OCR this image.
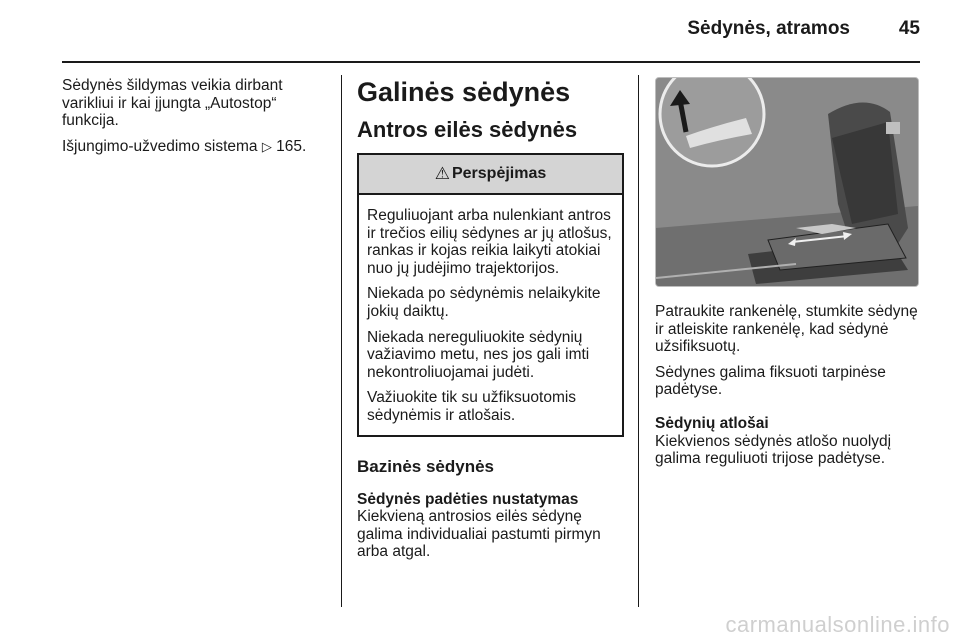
Sėdynės, atramos	45

Sėdynės šildymas veikia dirbant varikliui ir kai įjungta „Autostop“ funkcija.

Išjungimo-užvedimo sistema ▷ 165.

Galinės sėdynės
Antros eilės sėdynės
⚠ Perspėjimas

Reguliuojant arba nulenkiant antros ir trečios eilių sėdynes ar jų atlošus, rankas ir kojas reikia laikyti atokiai nuo jų judėjimo trajektorijos.

Niekada po sėdynėmis nelaikykite jokių daiktų.

Niekada nereguliuokite sėdynių važiavimo metu, nes jos gali imti nekontroliuojamai judėti.

Važiuokite tik su užfiksuotomis sėdynėmis ir atlošais.

Bazinės sėdynės
Sėdynės padėties nustatymas

Kiekvieną antrosios eilės sėdynę galima individualiai pastumti pirmyn arba atgal.

Patraukite rankenėlę, stumkite sėdynę ir atleiskite rankenėlę, kad sėdynė užsifiksuotų.

Sėdynes galima fiksuoti tarpinėse padėtyse.

Sėdynių atlošai

Kiekvienos sėdynės atlošo nuolydį galima reguliuoti trijose padėtyse.

carmanualsonline.info
